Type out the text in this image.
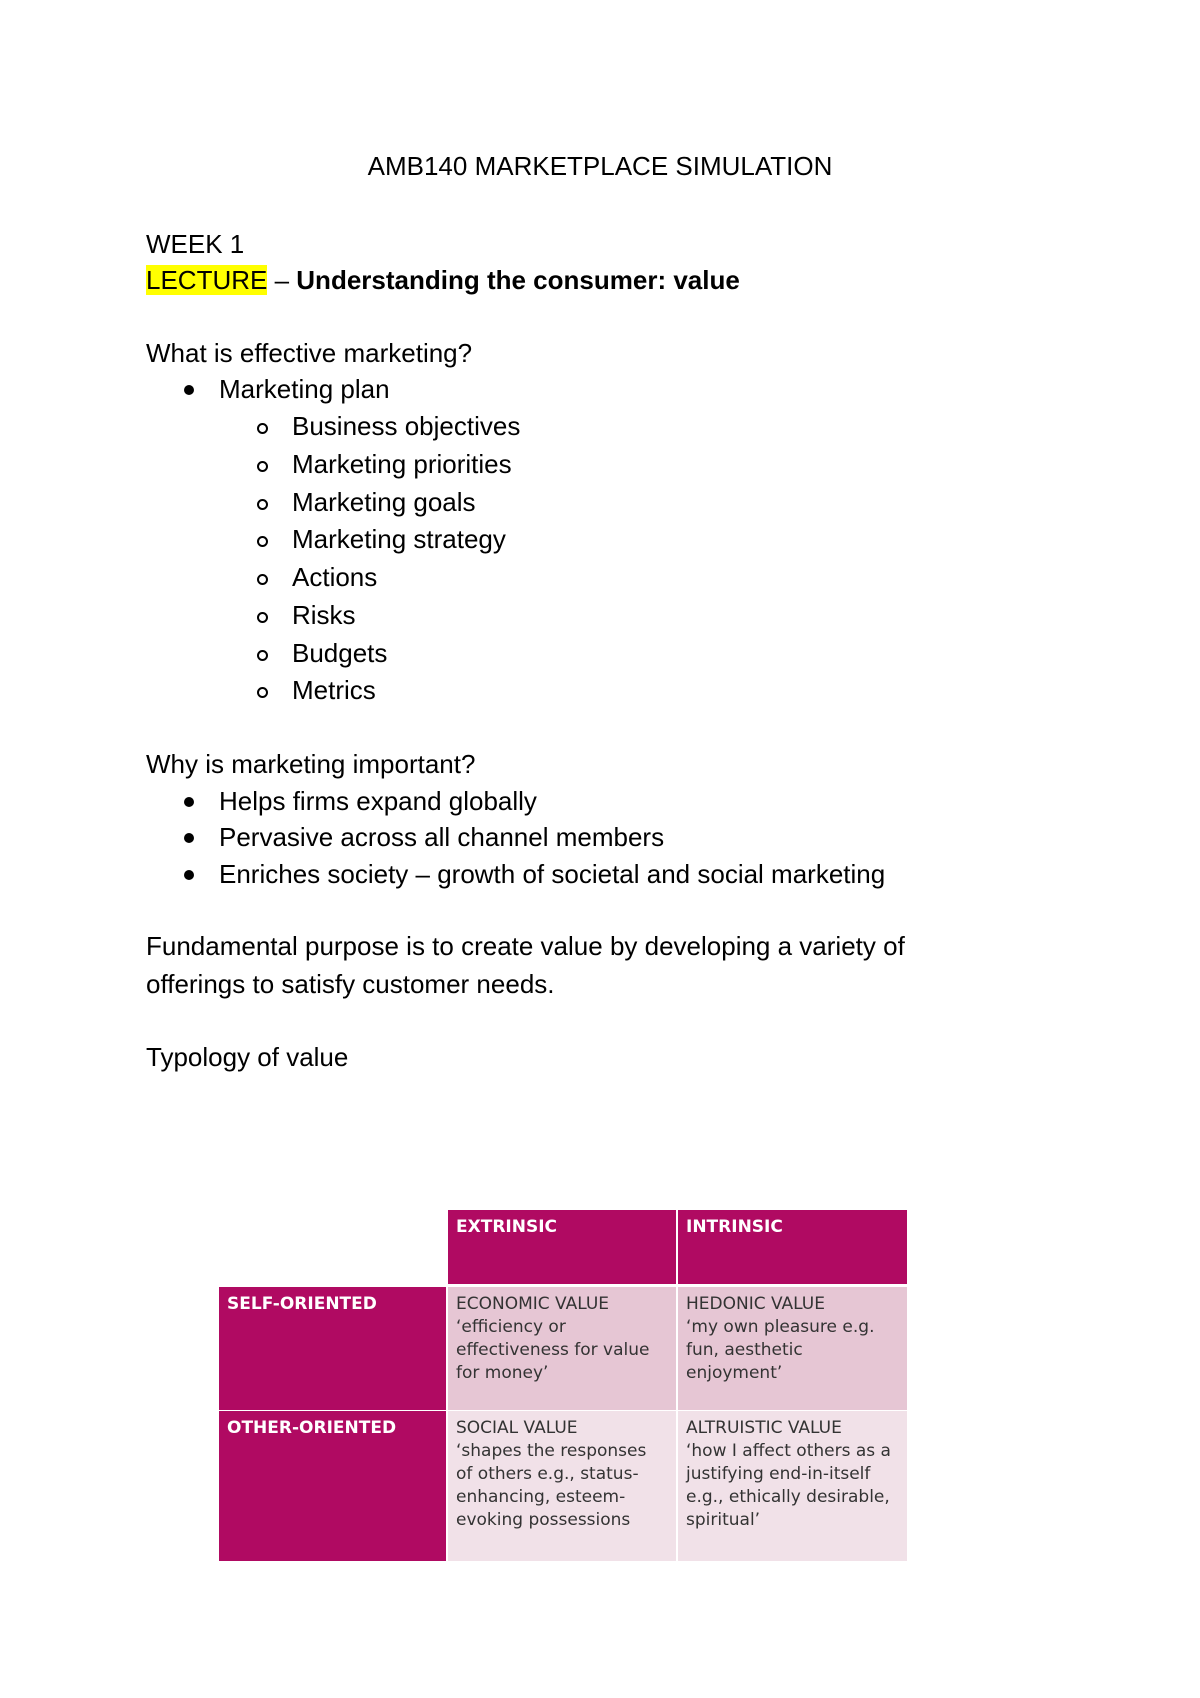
AMB140 MARKETPLACE SIMULATION
WEEK 1
LECTURE – Understanding the consumer: value
What is effective marketing?
Marketing plan
Business objectives
Marketing priorities
Marketing goals
Marketing strategy
Actions
Risks
Budgets
Metrics
Why is marketing important?
Helps firms expand globally
Pervasive across all channel members
Enriches society – growth of societal and social marketing
Fundamental purpose is to create value by developing a variety of
offerings to satisfy customer needs.
Typology of value
EXTRINSIC	INTRINSIC
SELF-ORIENTED
OTHER-ORIENTED
ECONOMIC VALUE
‘efficiency or effectiveness for value for money’
HEDONIC VALUE
‘my own pleasure e.g. fun, aesthetic enjoyment’
SOCIAL VALUE
‘shapes the responses of others e.g., status-enhancing, esteem-evoking possessions
ALTRUISTIC VALUE
‘how I affect others as a justifying end-in-itself e.g., ethically desirable, spiritual’
